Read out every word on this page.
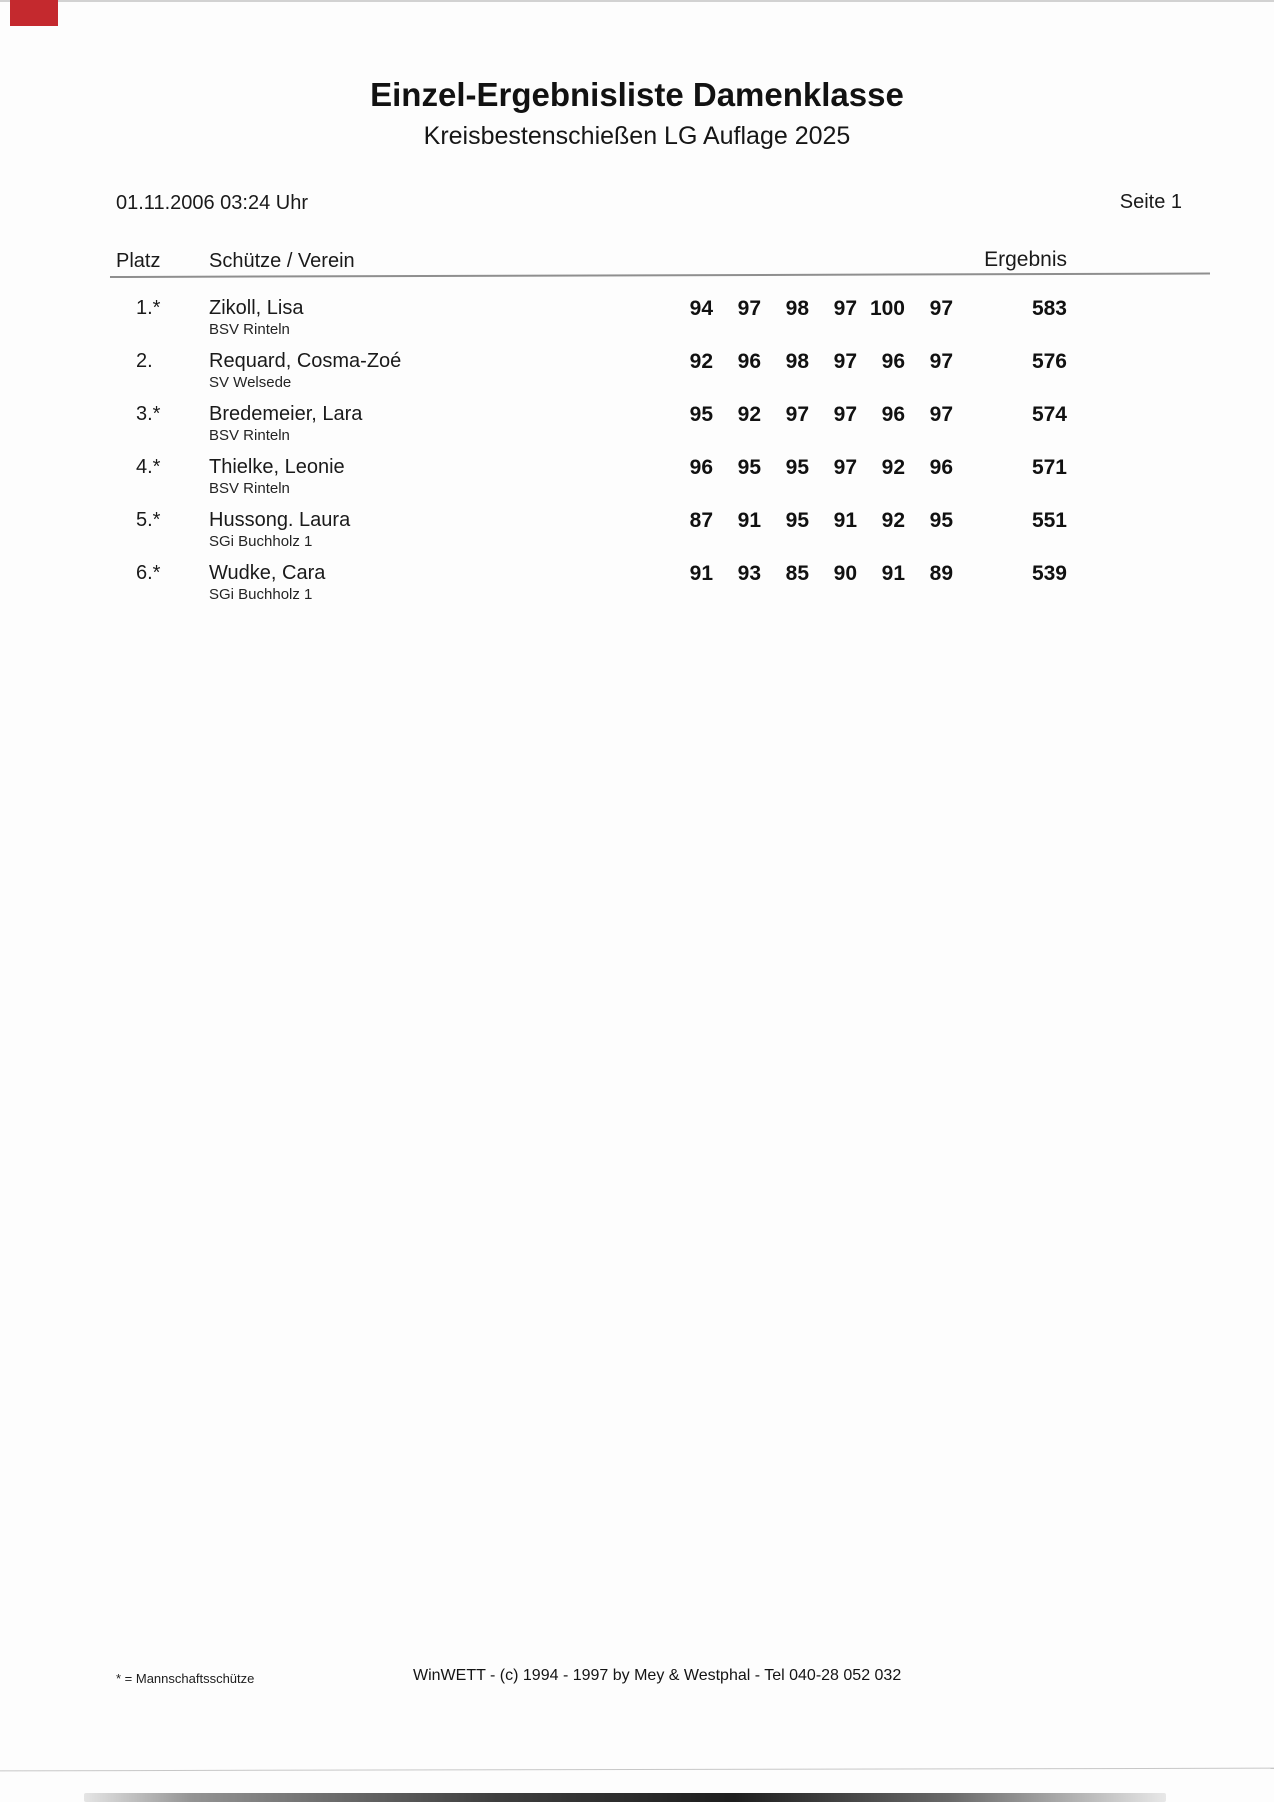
Einzel-Ergebnisliste Damenklasse
Kreisbestenschießen LG Auflage 2025
01.11.2006 03:24 Uhr	Seite 1
Platz Schütze / Verein	Ergebnis
1.* Zikoll, Lisa
BSV Rinteln
94	97	98	97 100	97	583
2.	Requard, Cosma-Zoé
SV Welsede
92	96	98	97	96	97	576
3.* Bredemeier, Lara
BSV Rinteln
95	92	97	97	96	97	574
4.* Thielke, Leonie
BSV Rinteln
96	95	95	97	92	96	571
5.* Hussong. Laura
SGi Buchholz 1
87	91	95	91	92	95	551
6.* Wudke, Cara
SGi Buchholz 1
91	93	85	90	91	89	539
* = Mannschaftsschütze	WinWETT - (c) 1994 - 1997 by Mey & Westphal - Tel 040-28 052 032
